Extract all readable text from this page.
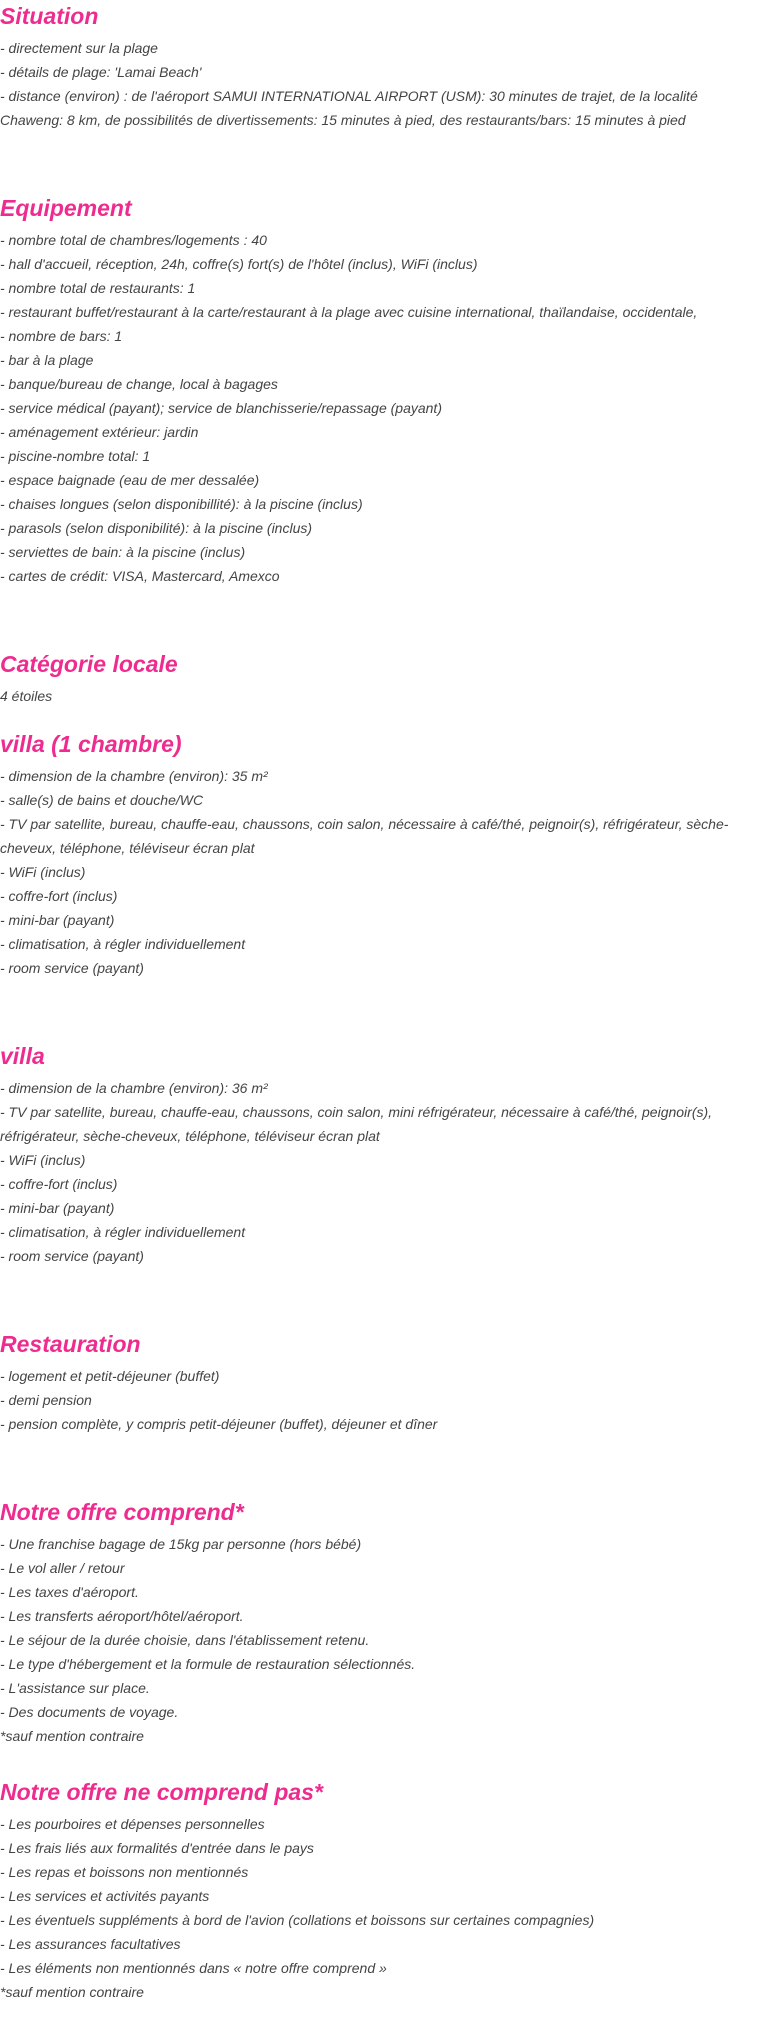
Situation

- directement sur la plage

- détails de plage: 'Lamai Beach'

- distance (environ) : de l'aéroport SAMUI INTERNATIONAL AIRPORT (USM): 30 minutes de trajet, de la localité Chaweng: 8 km, de possibilités de divertissements: 15 minutes à pied, des restaurants/bars: 15 minutes à pied

Equipement

- nombre total de chambres/logements : 40

- hall d'accueil, réception, 24h, coffre(s) fort(s) de l'hôtel (inclus), WiFi (inclus)

- nombre total de restaurants: 1

- restaurant buffet/restaurant à la carte/restaurant à la plage avec cuisine international, thaïlandaise, occidentale,

- nombre de bars: 1

- bar à la plage

- banque/bureau de change, local à bagages

- service médical (payant); service de blanchisserie/repassage (payant)

- aménagement extérieur: jardin

- piscine-nombre total: 1

- espace baignade (eau de mer dessalée)

- chaises longues (selon disponibillité): à la piscine (inclus)

- parasols (selon disponibilité): à la piscine (inclus)

- serviettes de bain: à la piscine (inclus)

- cartes de crédit: VISA, Mastercard, Amexco

Catégorie locale

4 étoiles

villa (1 chambre)

- dimension de la chambre (environ): 35 m²

- salle(s) de bains et douche/WC

- TV par satellite, bureau, chauffe-eau, chaussons, coin salon, nécessaire à café/thé, peignoir(s), réfrigérateur, sèche-cheveux, téléphone, téléviseur écran plat

- WiFi (inclus)

- coffre-fort (inclus)

- mini-bar (payant)

- climatisation, à régler individuellement

- room service (payant)

villa

- dimension de la chambre (environ): 36 m²

- TV par satellite, bureau, chauffe-eau, chaussons, coin salon, mini réfrigérateur, nécessaire à café/thé, peignoir(s), réfrigérateur, sèche-cheveux, téléphone, téléviseur écran plat

- WiFi (inclus)

- coffre-fort (inclus)

- mini-bar (payant)

- climatisation, à régler individuellement

- room service (payant)

Restauration

- logement et petit-déjeuner (buffet)

- demi pension

- pension complète, y compris petit-déjeuner (buffet), déjeuner et dîner

Notre offre comprend*

- Une franchise bagage de 15kg par personne (hors bébé)

- Le vol aller / retour

- Les taxes d'aéroport.

- Les transferts aéroport/hôtel/aéroport.

- Le séjour de la durée choisie, dans l'établissement retenu.

- Le type d'hébergement et la formule de restauration sélectionnés.

- L'assistance sur place.

- Des documents de voyage.

*sauf mention contraire

Notre offre ne comprend pas*

- Les pourboires et dépenses personnelles

- Les frais liés aux formalités d'entrée dans le pays

- Les repas et boissons non mentionnés

- Les services et activités payants

- Les éventuels suppléments à bord de l'avion (collations et boissons sur certaines compagnies)

- Les assurances facultatives

- Les éléments non mentionnés dans « notre offre comprend »

*sauf mention contraire
